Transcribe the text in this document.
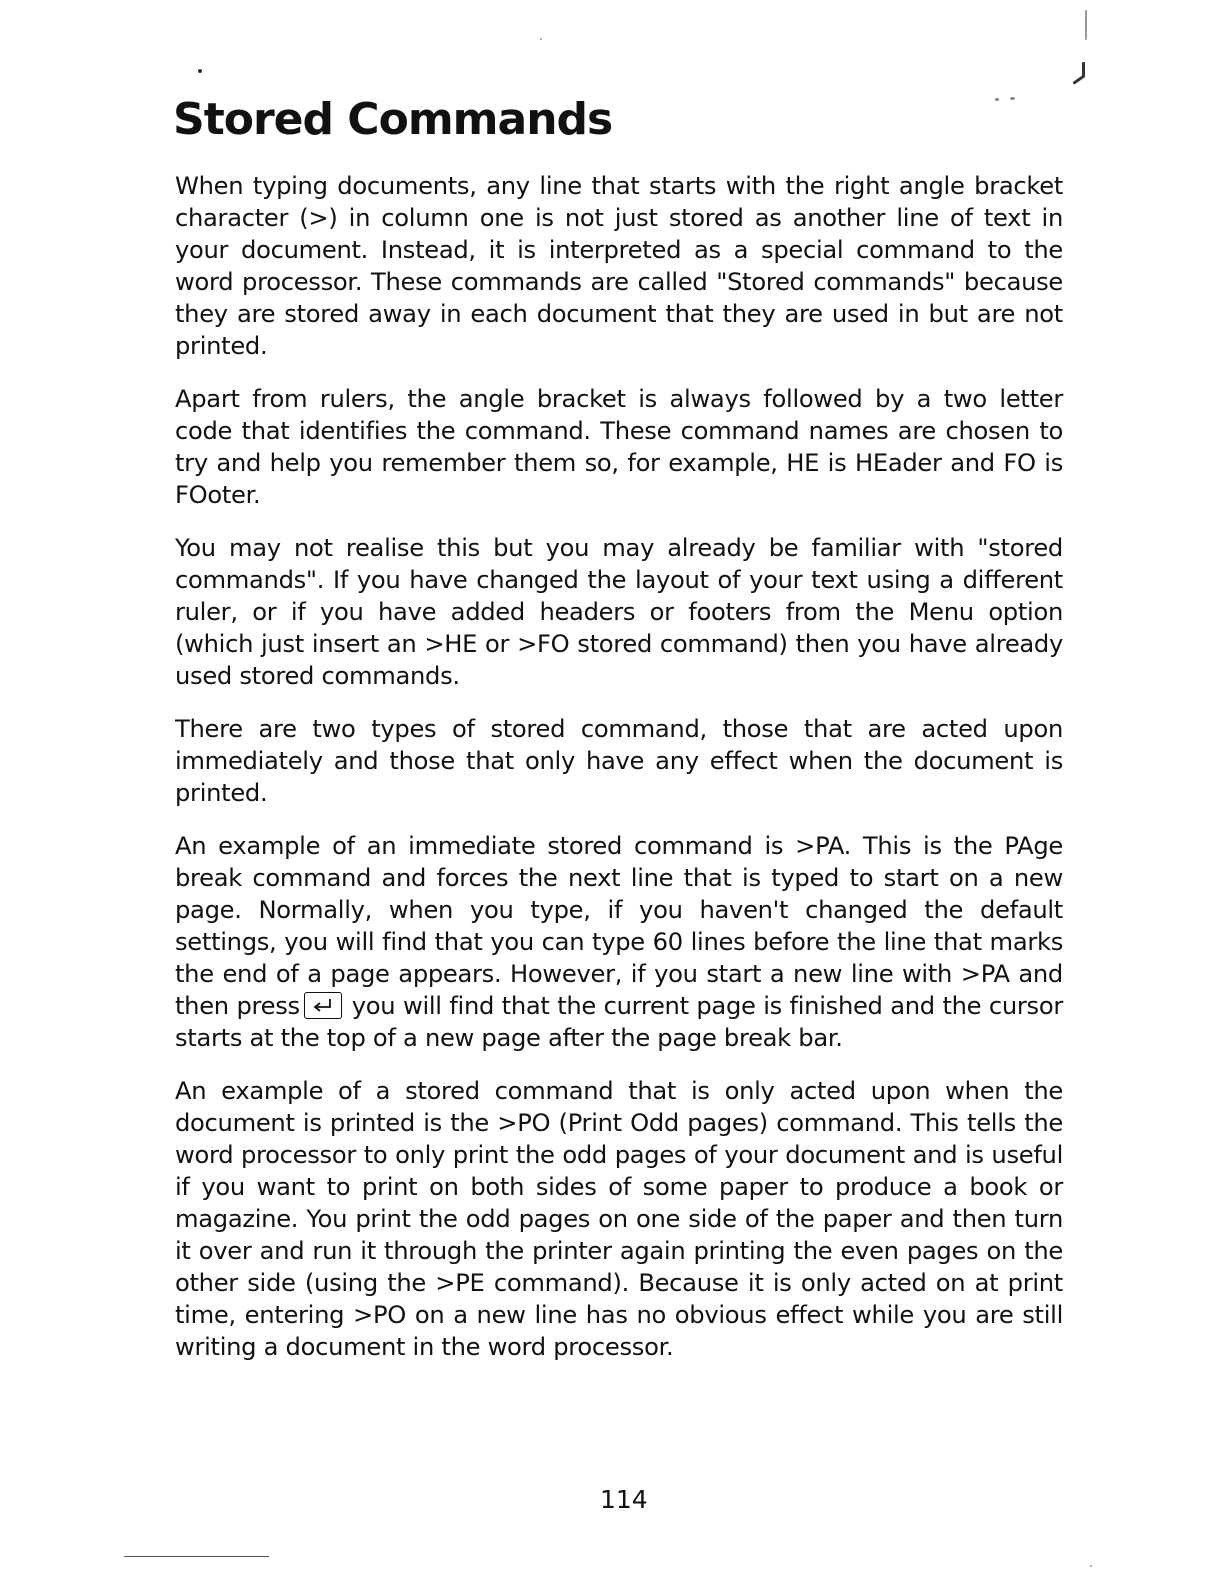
Stored Commands

When typing documents, any line that starts with the right angle bracket character (>) in column one is not just stored as another line of text in your document. Instead, it is interpreted as a special command to the word processor. These commands are called "Stored commands" because they are stored away in each document that they are used in but are not printed.

Apart from rulers, the angle bracket is always followed by a two letter code that identifies the command. These command names are chosen to try and help you remember them so, for example, HE is HEader and FO is FOoter.

You may not realise this but you may already be familiar with "stored commands". If you have changed the layout of your text using a different ruler, or if you have added headers or footers from the Menu option (which just insert an >HE or >FO stored command) then you have already used stored commands.

There are two types of stored command, those that are acted upon immediately and those that only have any effect when the document is printed.

An example of an immediate stored command is >PA. This is the PAge break command and forces the next line that is typed to start on a new page. Normally, when you type, if you haven't changed the default settings, you will find that you can type 60 lines before the line that marks the end of a page appears. However, if you start a new line with >PA and then press you will find that the current page is finished and the cursor starts at the top of a new page after the page break bar.

An example of a stored command that is only acted upon when the document is printed is the >PO (Print Odd pages) command. This tells the word processor to only print the odd pages of your document and is useful if you want to print on both sides of some paper to produce a book or magazine. You print the odd pages on one side of the paper and then turn it over and run it through the printer again printing the even pages on the other side (using the >PE command). Because it is only acted on at print time, entering >PO on a new line has no obvious effect while you are still writing a document in the word processor.

114
